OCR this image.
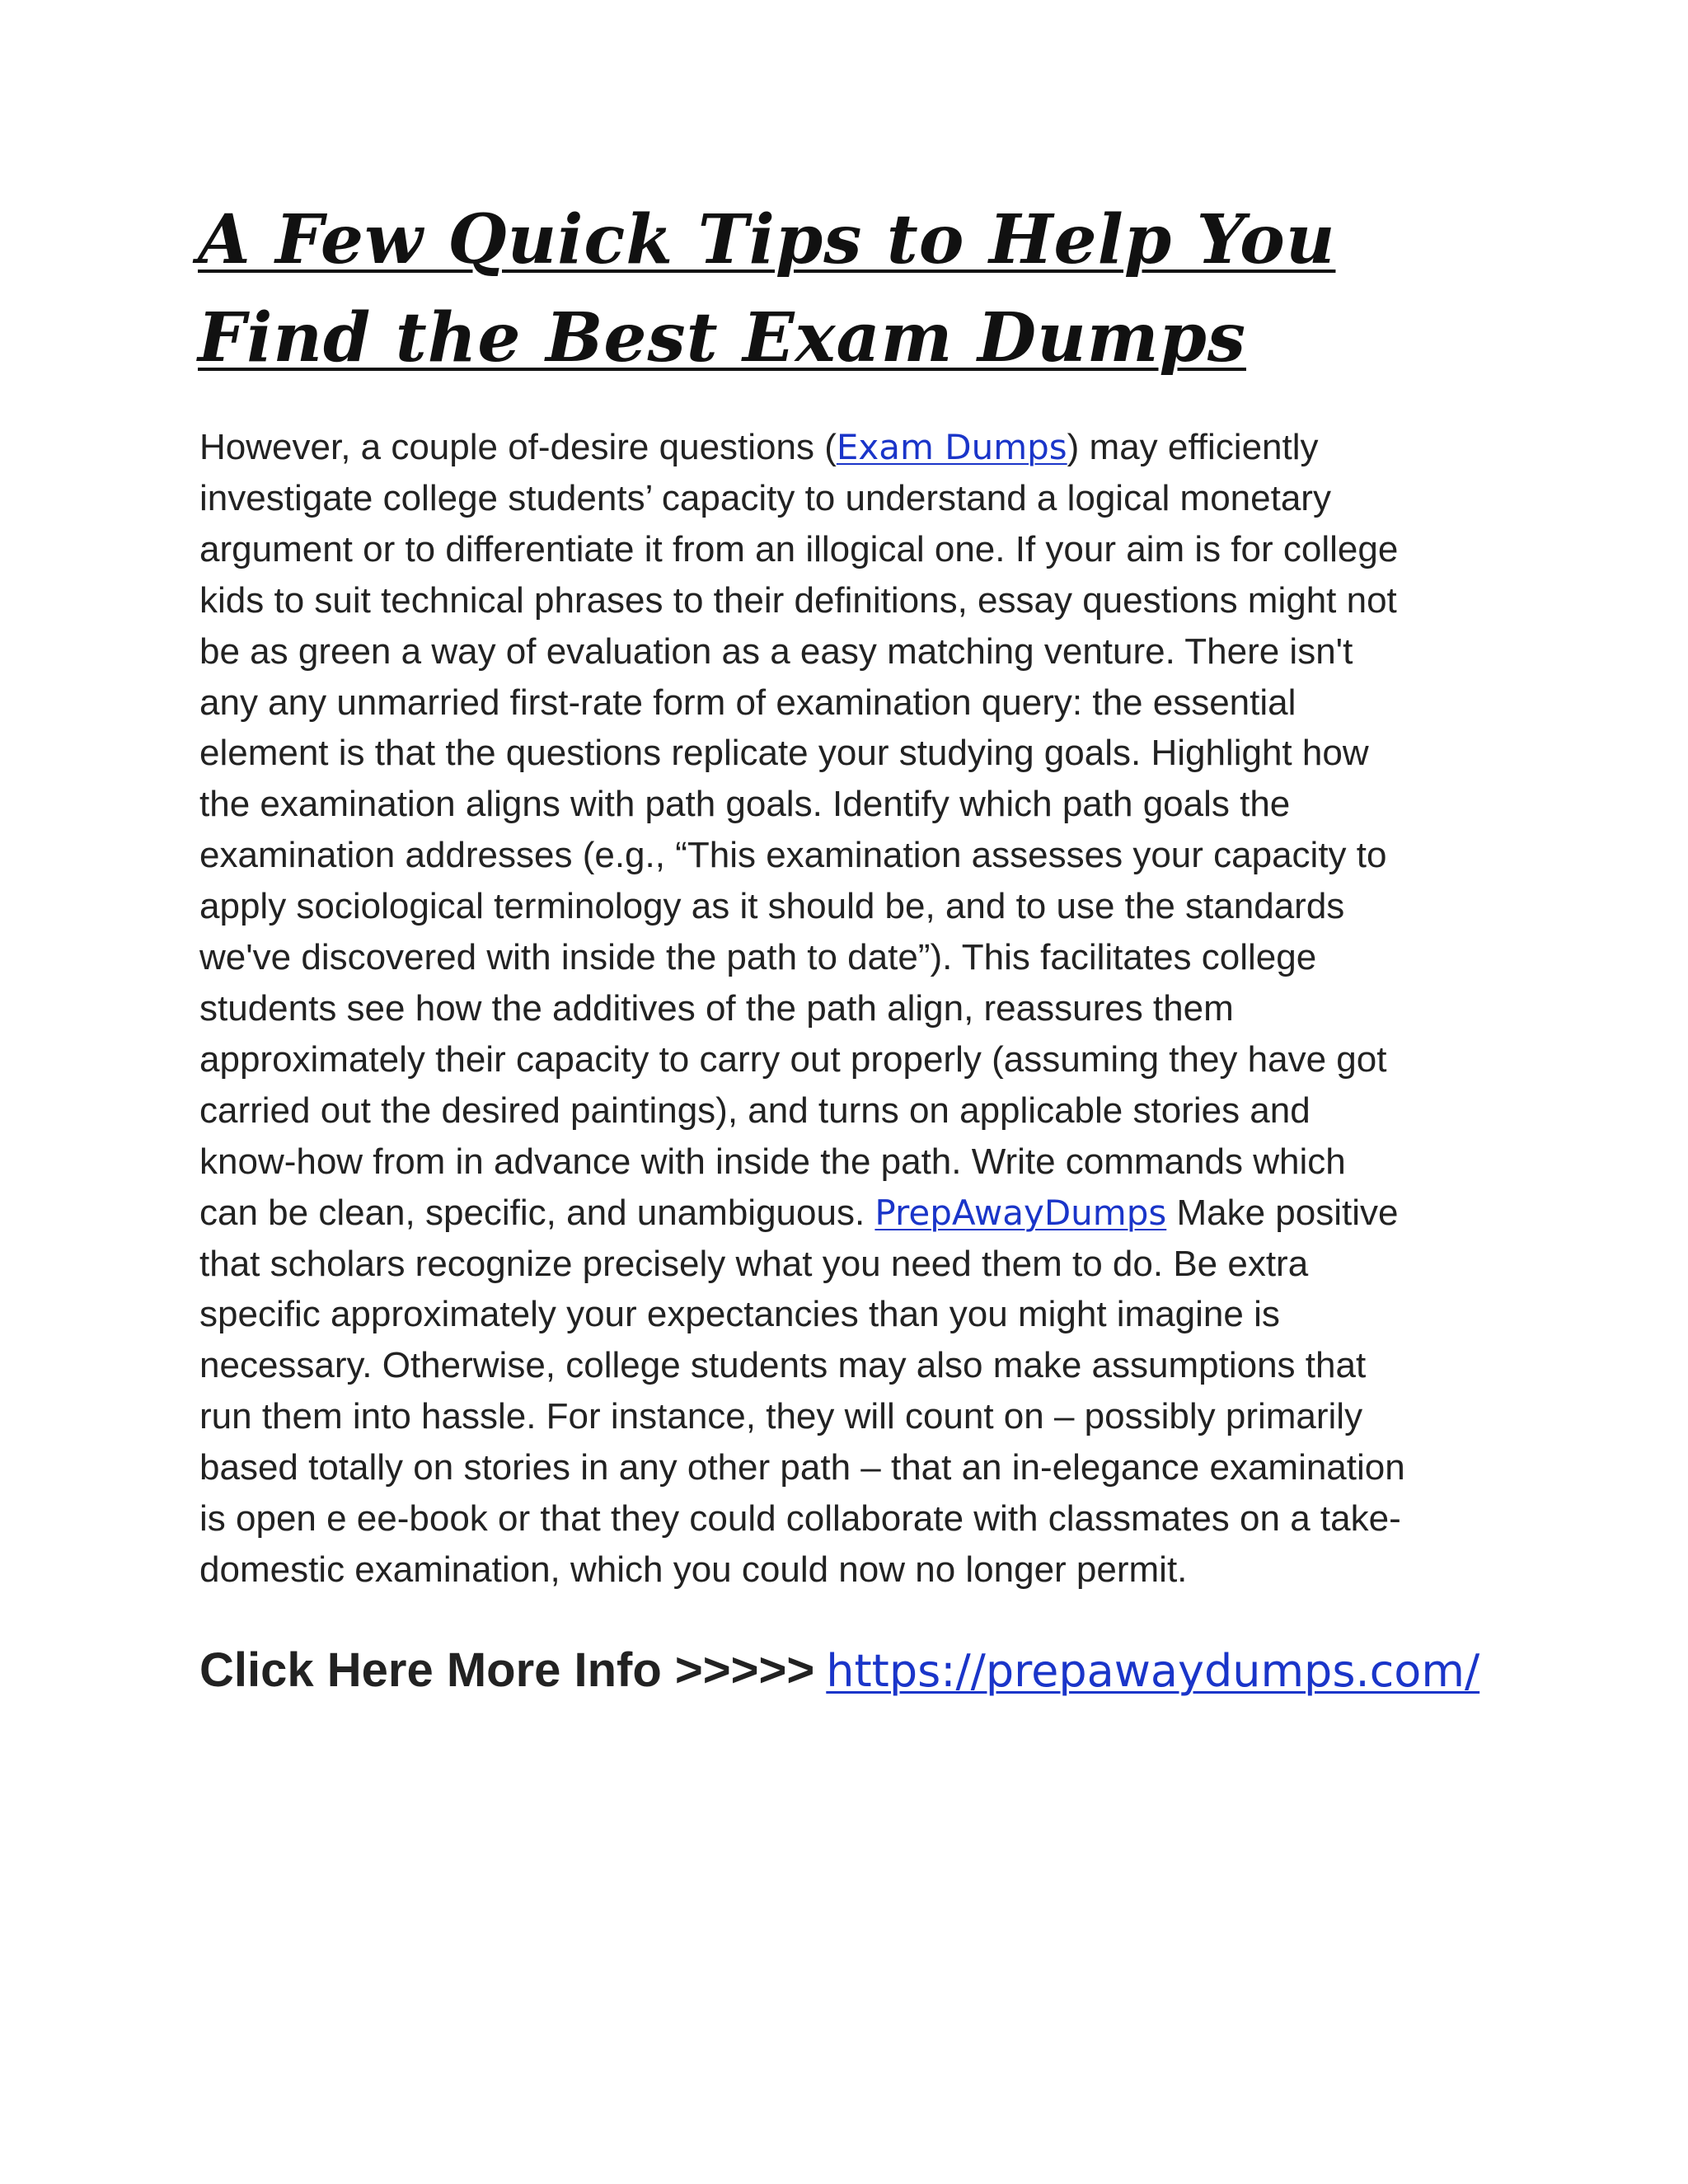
A Few Quick Tips to Help You
Find the Best Exam Dumps

However, a couple of-desire questions (Exam Dumps) may efficiently
investigate college students’ capacity to understand a logical monetary
argument or to differentiate it from an illogical one. If your aim is for college
kids to suit technical phrases to their definitions, essay questions might not
be as green a way of evaluation as a easy matching venture. There isn't
any any unmarried first-rate form of examination query: the essential
element is that the questions replicate your studying goals. Highlight how
the examination aligns with path goals. Identify which path goals the
examination addresses (e.g., “This examination assesses your capacity to
apply sociological terminology as it should be, and to use the standards
we've discovered with inside the path to date”). This facilitates college
students see how the additives of the path align, reassures them
approximately their capacity to carry out properly (assuming they have got
carried out the desired paintings), and turns on applicable stories and
know-how from in advance with inside the path. Write commands which
can be clean, specific, and unambiguous. PrepAwayDumps Make positive
that scholars recognize precisely what you need them to do. Be extra
specific approximately your expectancies than you might imagine is
necessary. Otherwise, college students may also make assumptions that
run them into hassle. For instance, they will count on – possibly primarily
based totally on stories in any other path – that an in-elegance examination
is open e ee-book or that they could collaborate with classmates on a take-
domestic examination, which you could now no longer permit.

Click Here More Info >>>>> https://prepawaydumps.com/
